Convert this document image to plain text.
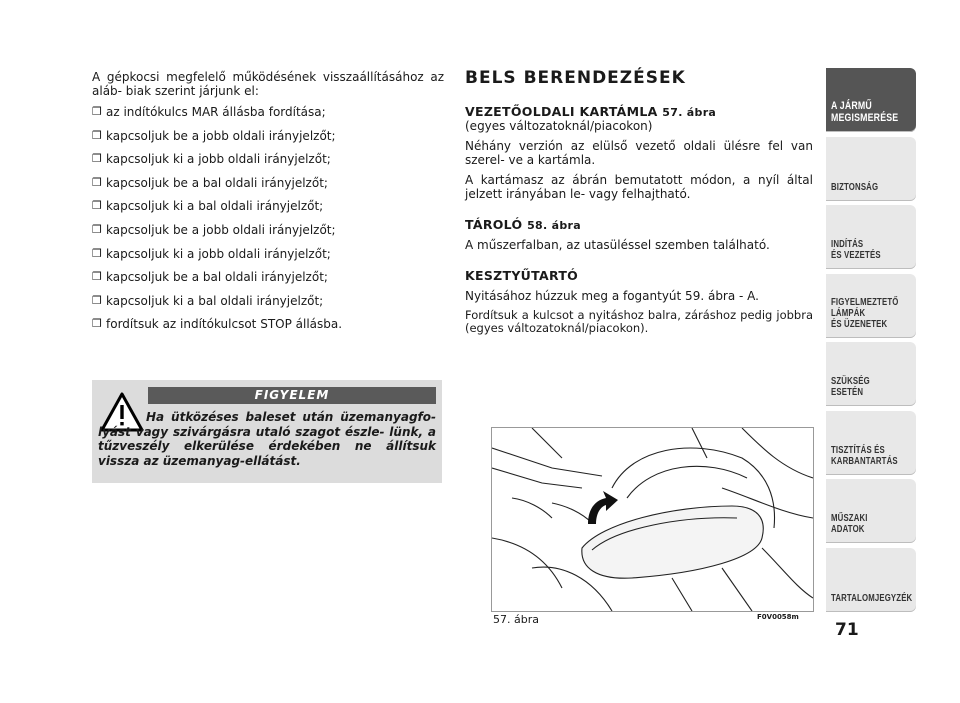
A gépkocsi megfelelő működésének visszaállításához az aláb- biak szerint járjunk el:

❒ az indítókulcs MAR állásba fordítása;
❒ kapcsoljuk be a jobb oldali irányjelzőt;
❒ kapcsoljuk ki a jobb oldali irányjelzőt;
❒ kapcsoljuk be a bal oldali irányjelzőt;
❒ kapcsoljuk ki a bal oldali irányjelzőt;
❒ kapcsoljuk be a jobb oldali irányjelzőt;
❒ kapcsoljuk ki a jobb oldali irányjelzőt;
❒ kapcsoljuk be a bal oldali irányjelzőt;
❒ kapcsoljuk ki a bal oldali irányjelzőt;
❒ fordítsuk az indítókulcsot STOP állásba.
FIGYELEM
Ha ütközéses baleset után üzemanyagfo- lyást vagy szivárgásra utaló szagot észle- lünk, a tűzveszély elkerülése érdekében ne állítsuk vissza az üzemanyag-ellátást.
BELS BERENDEZÉSEK
VEZETŐOLDALI KARTÁMLA 57. ábra

(egyes változatoknál/piacokon)

Néhány verzión az elülső vezető oldali ülésre fel van szerel- ve a kartámla.

A kartámasz az ábrán bemutatott módon, a nyíl által jelzett irányában le- vagy felhajtható.

TÁROLÓ 58. ábra

A műszerfalban, az utasüléssel szemben található.

KESZTYŰTARTÓ

Nyitásához húzzuk meg a fogantyút 59. ábra - A.

Fordítsuk a kulcsot a nyitáshoz balra, záráshoz pedig jobbra (egyes változatoknál/piacokon).

57. ábra	F0V0058m
A JÁRMŰ
MEGISMERÉSE
BIZTONSÁG
INDÍTÁS
ÉS VEZETÉS
FIGYELMEZTETŐ
LÁMPÁK
ÉS ÜZENETEK
SZÜKSÉG
ESETÉN
TISZTÍTÁS ÉS
KARBANTARTÁS
MŰSZAKI
ADATOK
TARTALOMJEGYZÉK
71
